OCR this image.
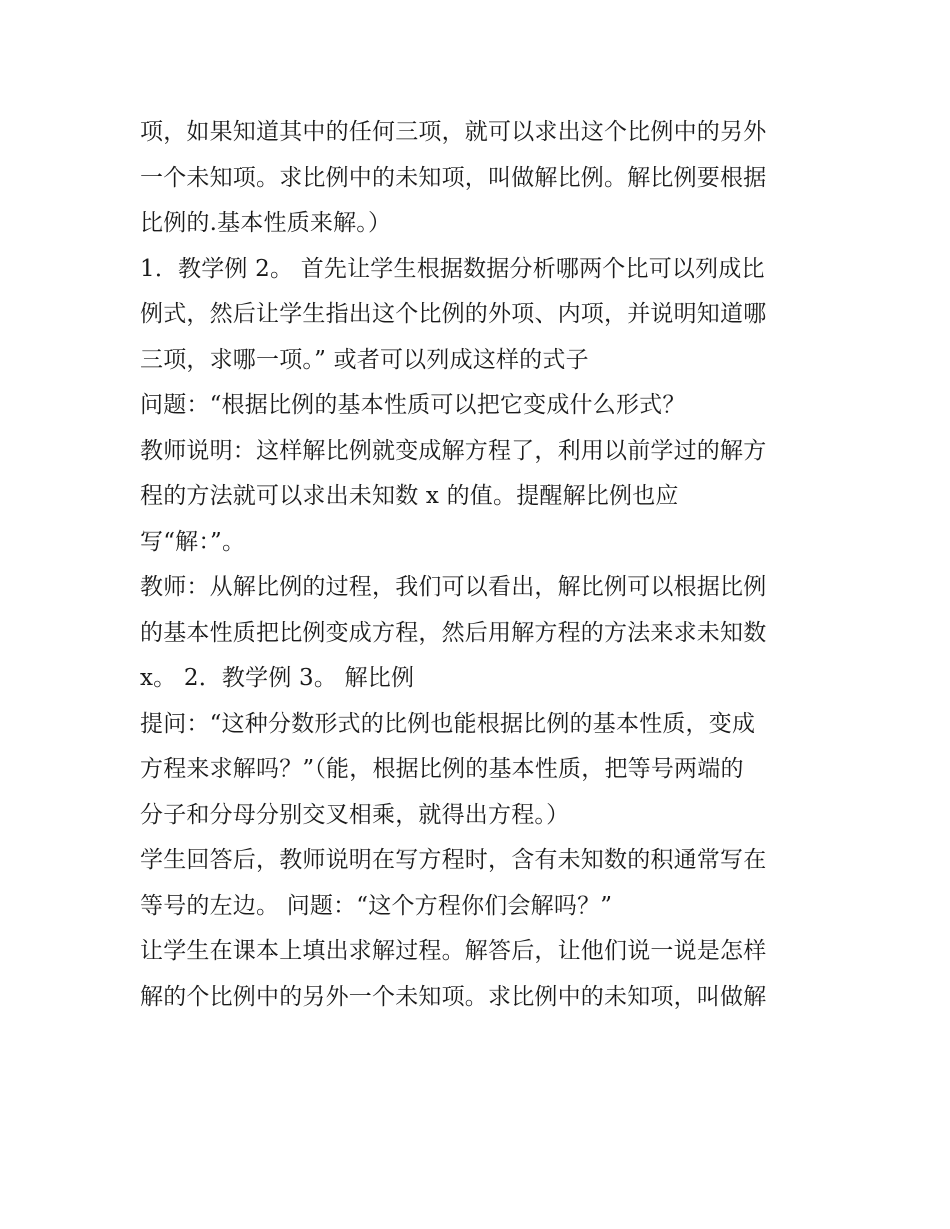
项，如果知道其中的任何三项，就可以求出这个比例中的另外
一个未知项。求比例中的未知项，叫做解比例。解比例要根据
比例的.基本性质来解。）

1．教学例 2。 首先让学生根据数据分析哪两个比可以列成比
例式，然后让学生指出这个比例的外项、内项，并说明知道哪
三项，求哪一项。” 或者可以列成这样的式子

问题：“根据比例的基本性质可以把它变成什么形式？

教师说明：这样解比例就变成解方程了，利用以前学过的解方
程的方法就可以求出未知数 x 的值。提醒解比例也应
写“解：”。

教师：从解比例的过程，我们可以看出，解比例可以根据比例
的基本性质把比例变成方程，然后用解方程的方法来求未知数
x。 2．教学例 3。 解比例

提问：“这种分数形式的比例也能根据比例的基本性质，变成
方程来求解吗？”（能，根据比例的基本性质，把等号两端的
分子和分母分别交叉相乘，就得出方程。）

学生回答后，教师说明在写方程时，含有未知数的积通常写在
等号的左边。 问题：“这个方程你们会解吗？”

让学生在课本上填出求解过程。解答后，让他们说一说是怎样
解的个比例中的另外一个未知项。求比例中的未知项，叫做解
